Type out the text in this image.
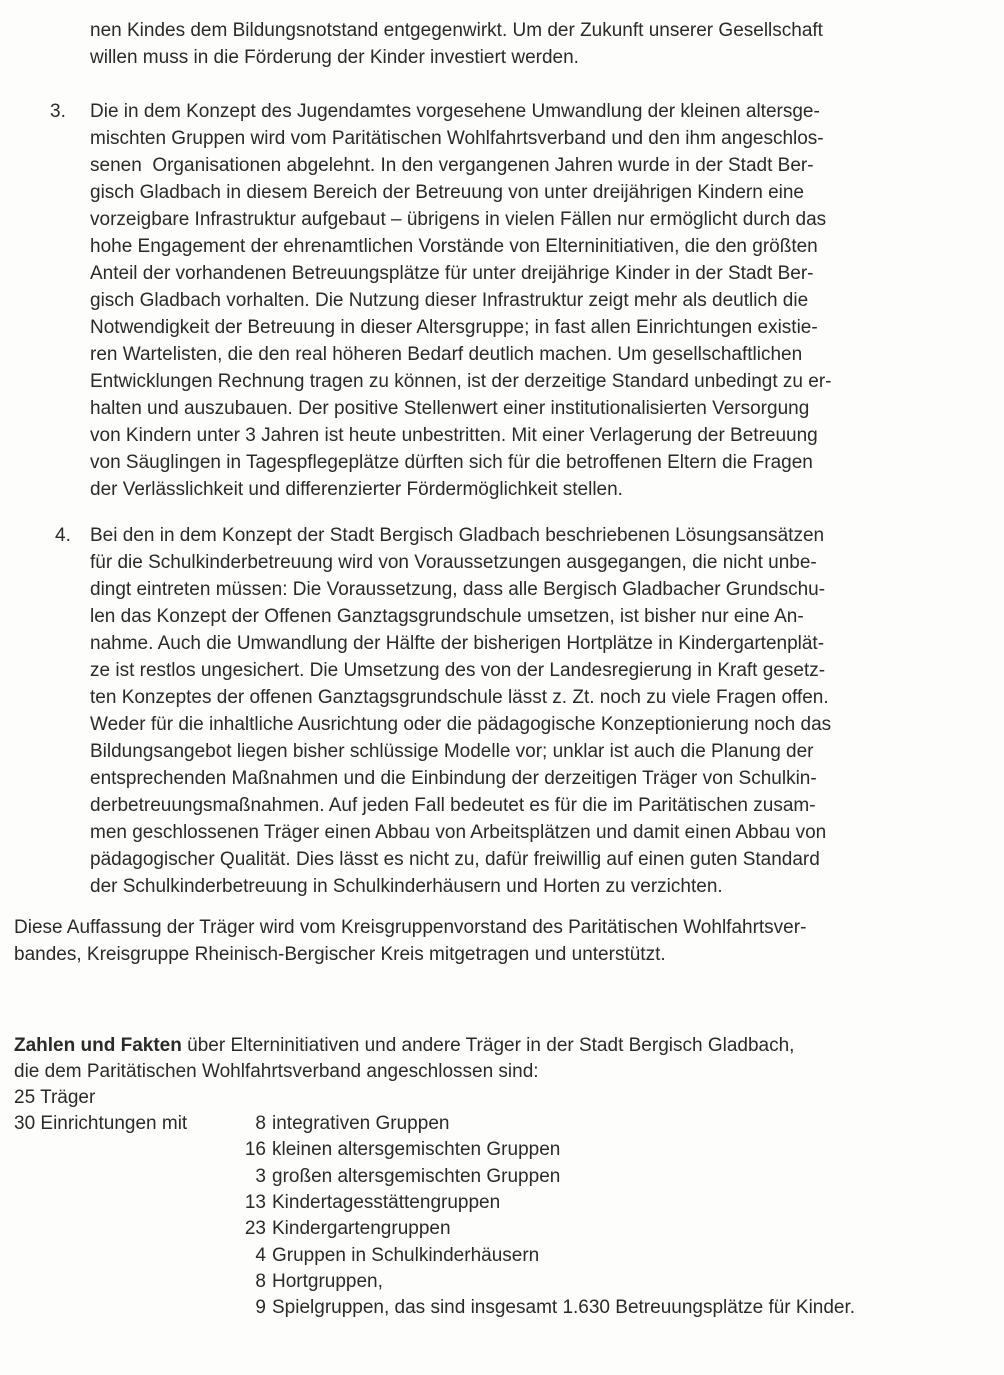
nen Kindes dem Bildungsnotstand entgegenwirkt. Um der Zukunft unserer Gesellschaft
willen muss in die Förderung der Kinder investiert werden.
3. Die in dem Konzept des Jugendamtes vorgesehene Umwandlung der kleinen altersge-
mischten Gruppen wird vom Paritätischen Wohlfahrtsverband und den ihm angeschlos-
senen  Organisationen abgelehnt. In den vergangenen Jahren wurde in der Stadt Ber-
gisch Gladbach in diesem Bereich der Betreuung von unter dreijährigen Kindern eine
vorzeigbare Infrastruktur aufgebaut – übrigens in vielen Fällen nur ermöglicht durch das
hohe Engagement der ehrenamtlichen Vorstände von Elterninitiativen, die den größten
Anteil der vorhandenen Betreuungsplätze für unter dreijährige Kinder in der Stadt Ber-
gisch Gladbach vorhalten. Die Nutzung dieser Infrastruktur zeigt mehr als deutlich die
Notwendigkeit der Betreuung in dieser Altersgruppe; in fast allen Einrichtungen existie-
ren Wartelisten, die den real höheren Bedarf deutlich machen. Um gesellschaftlichen
Entwicklungen Rechnung tragen zu können, ist der derzeitige Standard unbedingt zu er-
halten und auszubauen. Der positive Stellenwert einer institutionalisierten Versorgung
von Kindern unter 3 Jahren ist heute unbestritten. Mit einer Verlagerung der Betreuung
von Säuglingen in Tagespflegeplätze dürften sich für die betroffenen Eltern die Fragen
der Verlässlichkeit und differenzierter Fördermöglichkeit stellen.
4. Bei den in dem Konzept der Stadt Bergisch Gladbach beschriebenen Lösungsansätzen
für die Schulkinderbetreuung wird von Voraussetzungen ausgegangen, die nicht unbe-
dingt eintreten müssen: Die Voraussetzung, dass alle Bergisch Gladbacher Grundschu-
len das Konzept der Offenen Ganztagsgrundschule umsetzen, ist bisher nur eine An-
nahme. Auch die Umwandlung der Hälfte der bisherigen Hortplätze in Kindergartenplät-
ze ist restlos ungesichert. Die Umsetzung des von der Landesregierung in Kraft gesetz-
ten Konzeptes der offenen Ganztagsgrundschule lässt z. Zt. noch zu viele Fragen offen.
Weder für die inhaltliche Ausrichtung oder die pädagogische Konzeptionierung noch das
Bildungsangebot liegen bisher schlüssige Modelle vor; unklar ist auch die Planung der
entsprechenden Maßnahmen und die Einbindung der derzeitigen Träger von Schulkin-
derbetreuungsmaßnahmen. Auf jeden Fall bedeutet es für die im Paritätischen zusam-
men geschlossenen Träger einen Abbau von Arbeitsplätzen und damit einen Abbau von
pädagogischer Qualität. Dies lässt es nicht zu, dafür freiwillig auf einen guten Standard
der Schulkinderbetreuung in Schulkinderhäusern und Horten zu verzichten.
Diese Auffassung der Träger wird vom Kreisgruppenvorstand des Paritätischen Wohlfahrtsver-
bandes, Kreisgruppe Rheinisch-Bergischer Kreis mitgetragen und unterstützt.
Zahlen und Fakten über Elterninitiativen und andere Träger in der Stadt Bergisch Gladbach,
die dem Paritätischen Wohlfahrtsverband angeschlossen sind:
25 Träger
30 Einrichtungen mit	8 integrativen Gruppen
16 kleinen altersgemischten Gruppen
3 großen altersgemischten Gruppen
13 Kindertagesstättengruppen
23 Kindergartengruppen
4 Gruppen in Schulkinderhäusern
8 Hortgruppen,
9 Spielgruppen, das sind insgesamt 1.630 Betreuungsplätze für Kinder.
